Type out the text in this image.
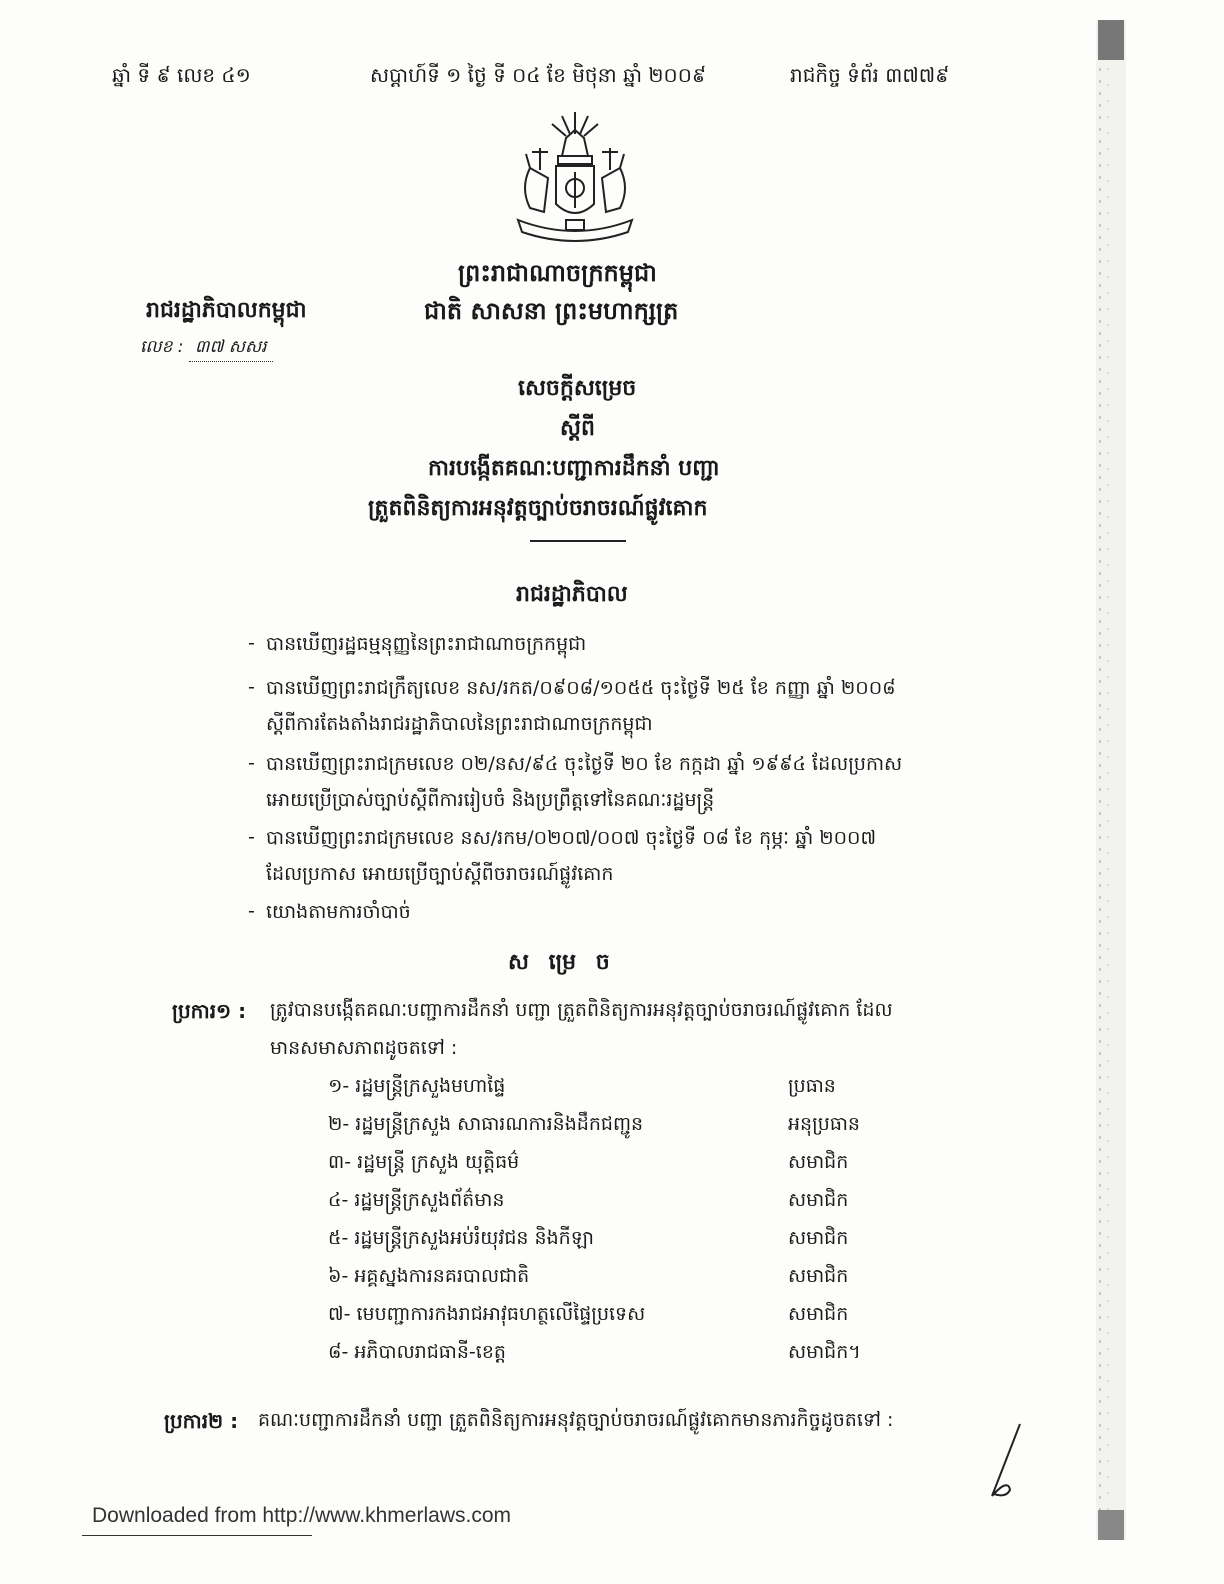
ឆ្នាំ ទី ៩ លេខ ៤១	សប្តាហ៍ទី ១ ថ្ងៃ ទី ០៤ ខែ មិថុនា ឆ្នាំ ២០០៩	រាជកិច្ច ទំព័រ ៣៧៧៩
ព្រះរាជាណាចក្រកម្ពុជា
ជាតិ សាសនា ព្រះមហាក្សត្រ
រាជរដ្ឋាភិបាលកម្ពុជា
លេខ : ៣៧ សសរ
សេចក្តីសម្រេច
ស្តីពី
ការបង្កើតគណៈបញ្ជាការដឹកនាំ បញ្ជា
ត្រួតពិនិត្យការអនុវត្តច្បាប់ចរាចរណ៍ផ្លូវគោក
រាជរដ្ឋាភិបាល
- បានឃើញរដ្ឋធម្មនុញ្ញនៃព្រះរាជាណាចក្រកម្ពុជា
- បានឃើញព្រះរាជក្រឹត្យលេខ នស/រកត/០៩០៨/១០៥៥ ចុះថ្ងៃទី ២៥ ខែ កញ្ញា ឆ្នាំ ២០០៨
ស្តីពីការតែងតាំងរាជរដ្ឋាភិបាលនៃព្រះរាជាណាចក្រកម្ពុជា
- បានឃើញព្រះរាជក្រមលេខ ០២/នស/៩៤ ចុះថ្ងៃទី ២០ ខែ កក្កដា ឆ្នាំ ១៩៩៤ ដែលប្រកាស
អោយប្រើប្រាស់ច្បាប់ស្តីពីការរៀបចំ និងប្រព្រឹត្តទៅនៃគណៈរដ្ឋមន្ត្រី
- បានឃើញព្រះរាជក្រមលេខ នស/រកម/០២០៧/០០៧ ចុះថ្ងៃទី ០៨ ខែ កុម្ភៈ ឆ្នាំ ២០០៧
ដែលប្រកាស អោយប្រើច្បាប់ស្តីពីចរាចរណ៍ផ្លូវគោក
- យោងតាមការចាំបាច់
ស ម្រេ ច
ប្រការ១ : ត្រូវបានបង្កើតគណៈបញ្ជាការដឹកនាំ បញ្ជា ត្រួតពិនិត្យការអនុវត្តច្បាប់ចរាចរណ៍ផ្លូវគោក ដែល
មានសមាសភាពដូចតទៅ :
១- រដ្ឋមន្ត្រីក្រសួងមហាផ្ទៃ	ប្រធាន
២- រដ្ឋមន្ត្រីក្រសួង សាធារណការនិងដឹកជញ្ជូន	អនុប្រធាន
៣- រដ្ឋមន្ត្រី ក្រសួង យុត្តិធម៌	សមាជិក
៤- រដ្ឋមន្ត្រីក្រសួងព័ត៌មាន	សមាជិក
៥- រដ្ឋមន្ត្រីក្រសួងអប់រំយុវជន និងកីឡា	សមាជិក
៦- អគ្គស្នងការនគរបាលជាតិ	សមាជិក
៧- មេបញ្ជាការកងរាជអាវុធហត្ថលើផ្ទៃប្រទេស	សមាជិក
៨- អភិបាលរាជធានី-ខេត្ត	សមាជិក។
ប្រការ២ : គណៈបញ្ជាការដឹកនាំ បញ្ជា ត្រួតពិនិត្យការអនុវត្តច្បាប់ចរាចរណ៍ផ្លូវគោកមានភារកិច្ចដូចតទៅ :
Downloaded from http://www.khmerlaws.com
